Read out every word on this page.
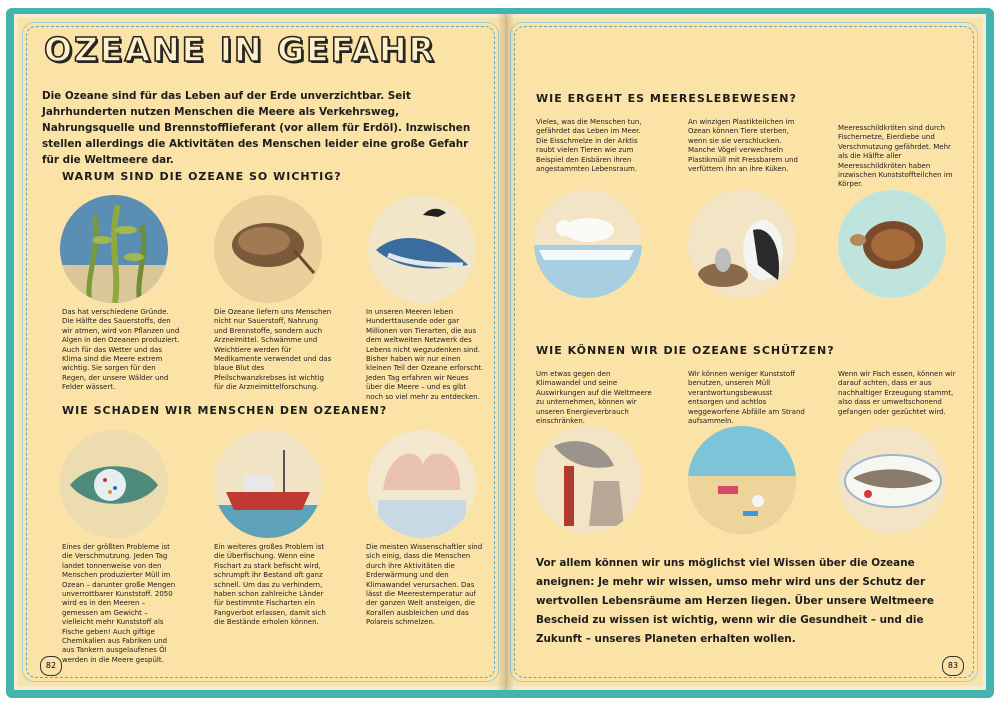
OZEANE IN GEFAHR
Die Ozeane sind für das Leben auf der Erde unverzichtbar. Seit Jahrhunderten nutzen Menschen die Meere als Verkehrsweg, Nahrungsquelle und Brennstofflieferant (vor allem für Erdöl). Inzwischen stellen allerdings die Aktivitäten des Menschen leider eine große Gefahr für die Weltmeere dar.
WARUM SIND DIE OZEANE SO WICHTIG?
Das hat verschiedene Gründe. Die Hälfte des Sauerstoffs, den wir atmen, wird von Pflanzen und Algen in den Ozeanen produziert. Auch für das Wetter und das Klima sind die Meere extrem wichtig. Sie sorgen für den Regen, der unsere Wälder und Felder wässert.
Die Ozeane liefern uns Menschen nicht nur Sauerstoff, Nahrung und Brennstoffe, sondern auch Arzneimittel. Schwämme und Weichtiere werden für Medikamente verwendet und das blaue Blut des Pfeilschwanzkrebses ist wichtig für die Arzneimittelforschung.
In unseren Meeren leben Hunderttausende oder gar Millionen von Tierarten, die aus dem weltweiten Netzwerk des Lebens nicht wegzudenken sind. Bisher haben wir nur einen kleinen Teil der Ozeane erforscht. Jeden Tag erfahren wir Neues über die Meere – und es gibt noch so viel mehr zu entdecken.
WIE SCHADEN WIR MENSCHEN DEN OZEANEN?
Eines der größten Probleme ist die Verschmutzung. Jeden Tag landet tonnenweise von den Menschen produzierter Müll im Ozean – darunter große Mengen unverrottbarer Kunststoff. 2050 wird es in den Meeren – gemessen am Gewicht – vielleicht mehr Kunststoff als Fische geben! Auch giftige Chemikalien aus Fabriken und aus Tankern ausgelaufenes Öl werden in die Meere gespült.
Ein weiteres großes Problem ist die Überfischung. Wenn eine Fischart zu stark befischt wird, schrumpft ihr Bestand oft ganz schnell. Um das zu verhindern, haben schon zahlreiche Länder für bestimmte Fischarten ein Fangverbot erlassen, damit sich die Bestände erholen können.
Die meisten Wissenschaftler sind sich einig, dass die Menschen durch ihre Aktivitäten die Erderwärmung und den Klimawandel verursachen. Das lässt die Meerestemperatur auf der ganzen Welt ansteigen, die Korallen ausbleichen und das Polareis schmelzen.
82
WIE ERGEHT ES MEERESLEBEWESEN?
Vieles, was die Menschen tun, gefährdet das Leben im Meer. Die Eisschmelze in der Arktis raubt vielen Tieren wie zum Beispiel den Eisbären ihren angestammten Lebensraum.
An winzigen Plastikteilchen im Ozean können Tiere sterben, wenn sie sie verschlucken. Manche Vögel verwechseln Plastikmüll mit Fressbarem und verfüttern ihn an ihre Küken.
Meeresschildkröten sind durch Fischernetze, Eierdiebe und Verschmutzung gefährdet. Mehr als die Hälfte aller Meeresschildkröten haben inzwischen Kunststoffteilchen im Körper.
WIE KÖNNEN WIR DIE OZEANE SCHÜTZEN?
Um etwas gegen den Klimawandel und seine Auswirkungen auf die Weltmeere zu unternehmen, können wir unseren Energieverbrauch einschränken.
Wir können weniger Kunststoff benutzen, unseren Müll verantwortungsbewusst entsorgen und achtlos weggeworfene Abfälle am Strand aufsammeln.
Wenn wir Fisch essen, können wir darauf achten, dass er aus nachhaltiger Erzeugung stammt, also dass er umweltschonend gefangen oder gezüchtet wird.
Vor allem können wir uns möglichst viel Wissen über die Ozeane aneignen: Je mehr wir wissen, umso mehr wird uns der Schutz der wertvollen Lebensräume am Herzen liegen. Über unsere Weltmeere Bescheid zu wissen ist wichtig, wenn wir die Gesundheit – und die Zukunft – unseres Planeten erhalten wollen.
83
